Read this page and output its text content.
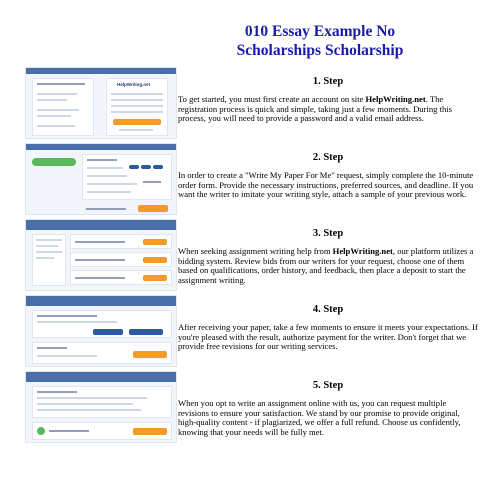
010 Essay Example No
Scholarships Scholarship
HelpWriting.net	1. Step
To get started, you must first create an account on site HelpWriting.net. The registration process is quick and simple, taking just a few moments. During this process, you will need to provide a password and a valid email address.
2. Step
In order to create a "Write My Paper For Me" request, simply complete the 10-minute order form. Provide the necessary instructions, preferred sources, and deadline. If you want the writer to imitate your writing style, attach a sample of your previous work.
3. Step
When seeking assignment writing help from HelpWriting.net, our platform utilizes a bidding system. Review bids from our writers for your request, choose one of them based on qualifications, order history, and feedback, then place a deposit to start the assignment writing.
4. Step
After receiving your paper, take a few moments to ensure it meets your expectations. If you're pleased with the result, authorize payment for the writer. Don't forget that we provide free revisions for our writing services.
5. Step
When you opt to write an assignment online with us, you can request multiple revisions to ensure your satisfaction. We stand by our promise to provide original, high-quality content - if plagiarized, we offer a full refund. Choose us confidently, knowing that your needs will be fully met.
